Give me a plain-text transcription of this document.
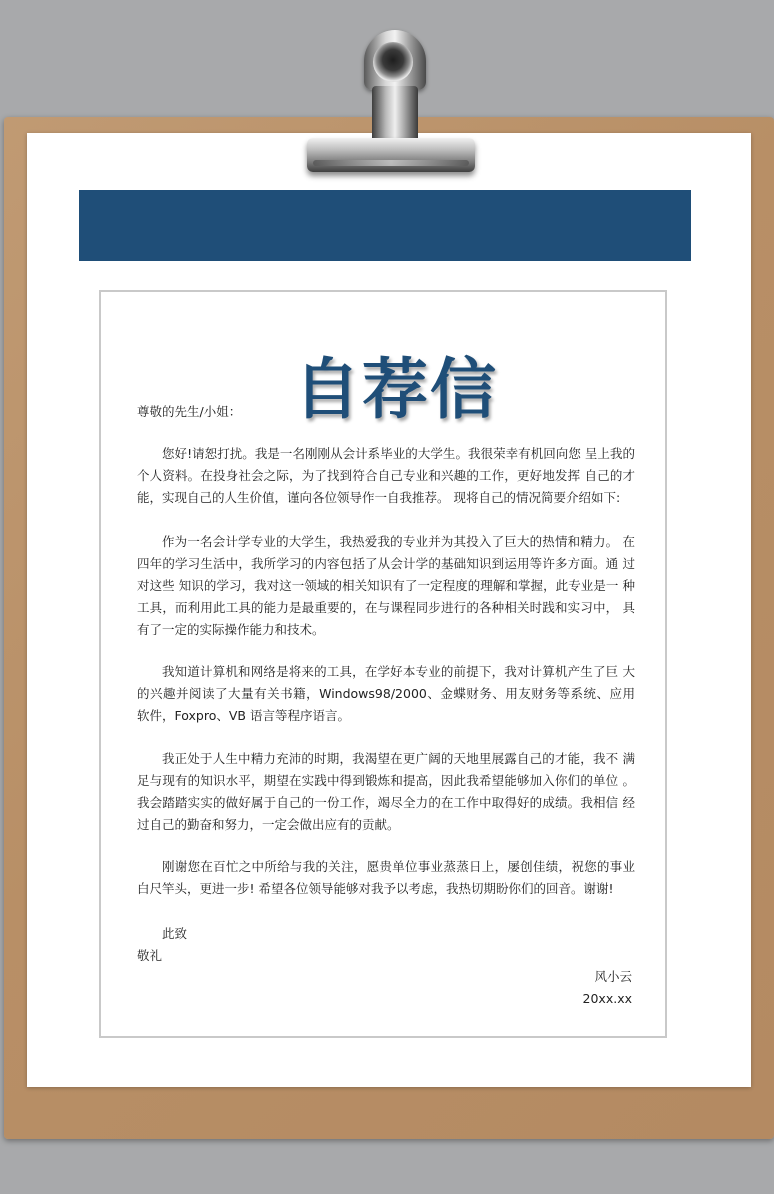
自荐信
尊敬的先生/小姐：

您好!请恕打扰。我是一名刚刚从会计系毕业的大学生。我很荣幸有机回向您 呈上我的个人资料。在投身社会之际，为了找到符合自己专业和兴趣的工作，更好地发挥 自己的才能，实现自己的人生价值，谨向各位领导作一自我推荐。 现将自己的情况简要介绍如下:

作为一名会计学专业的大学生，我热爱我的专业并为其投入了巨大的热情和精力。 在四年的学习生活中，我所学习的内容包括了从会计学的基础知识到运用等许多方面。通 过对这些 知识的学习，我对这一领域的相关知识有了一定程度的理解和掌握，此专业是一 种工具，而利用此工具的能力是最重要的，在与课程同步进行的各种相关时践和实习中， 具有了一定的实际操作能力和技术。

我知道计算机和网络是将来的工具，在学好本专业的前提下，我对计算机产生了巨 大的兴趣并阅读了大量有关书籍，Windows98/2000、金蝶财务、用友财务等系统、应用 软件，Foxpro、VB 语言等程序语言。

我正处于人生中精力充沛的时期，我渴望在更广阔的天地里展露自己的才能，我不 满足与现有的知识水平，期望在实践中得到锻炼和提高，因此我希望能够加入你们的单位 。我会踏踏实实的做好属于自己的一份工作，竭尽全力的在工作中取得好的成绩。我相信 经过自己的勤奋和努力，一定会做出应有的贡献。

刚谢您在百忙之中所给与我的关注，愿贵单位事业蒸蒸日上，屡创佳绩，祝您的事业 白尺竿头，更进一步! 希望各位领导能够对我予以考虑，我热切期盼你们的回音。谢谢!

此致
敬礼
风小云
20xx.xx
